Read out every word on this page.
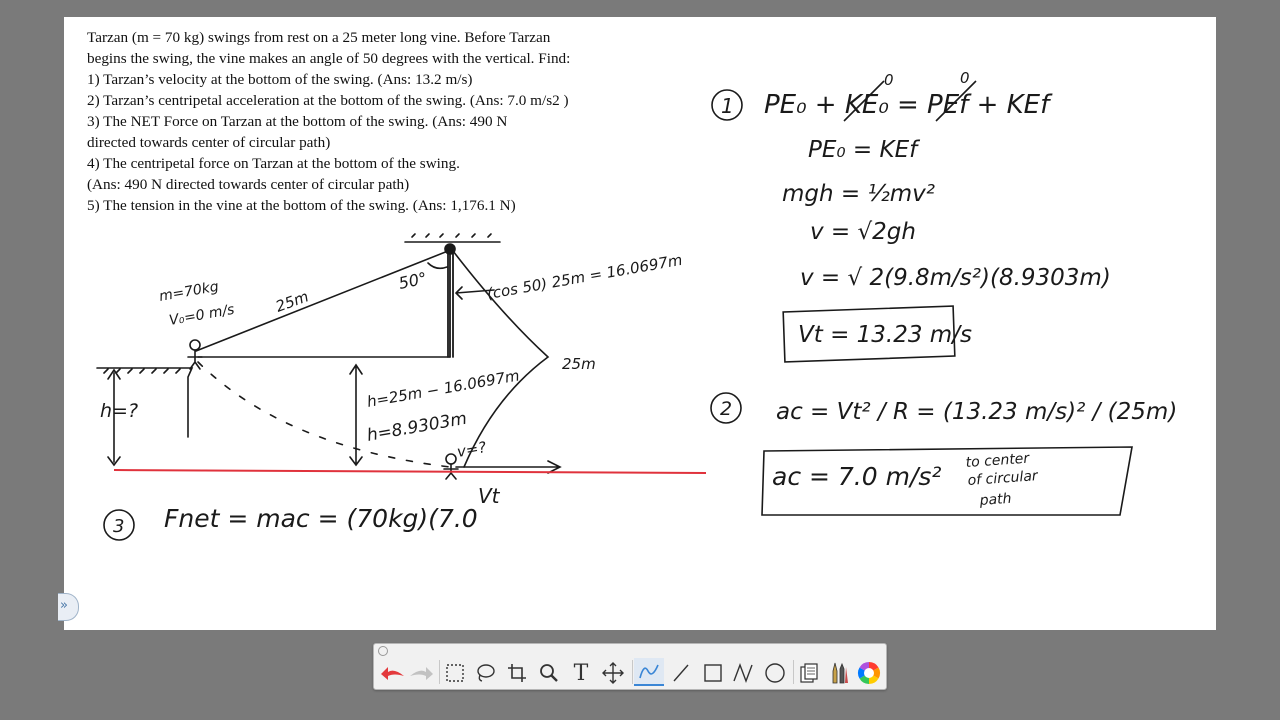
Tarzan (m = 70 kg) swings from rest on a 25 meter long vine. Before Tarzan
begins the swing, the vine makes an angle of 50 degrees with the vertical. Find:
1) Tarzan’s velocity at the bottom of the swing. (Ans: 13.2 m/s)
2) Tarzan’s centripetal acceleration at the bottom of the swing. (Ans: 7.0 m/s2 )
3) The NET Force on Tarzan at the bottom of the swing. (Ans: 490 N
directed towards center of circular path)
4) The centripetal force on Tarzan at the bottom of the swing.
(Ans: 490 N directed towards center of circular path)
5) The tension in the vine at the bottom of the swing. (Ans: 1,176.1 N)
m=70kg
V₀=0 m/s	25m
50°	(cos 50) 25m = 16.0697m
25m
h=?
h=25m − 16.0697m
h=8.9303m
v=?
Vt
1 PE₀ + KE₀ = PEf + KEf
0	0
PE₀ = KEf
mgh = ½mv²
v = √2gh
v = √ 2(9.8m/s²)(8.9303m)
Vt = 13.23 m/s
2 ac = Vt² / R = (13.23 m/s)² / (25m)
ac = 7.0 m/s²
to center
of circular
path
3 Fnet = mac = (70kg)(7.0
»
T
